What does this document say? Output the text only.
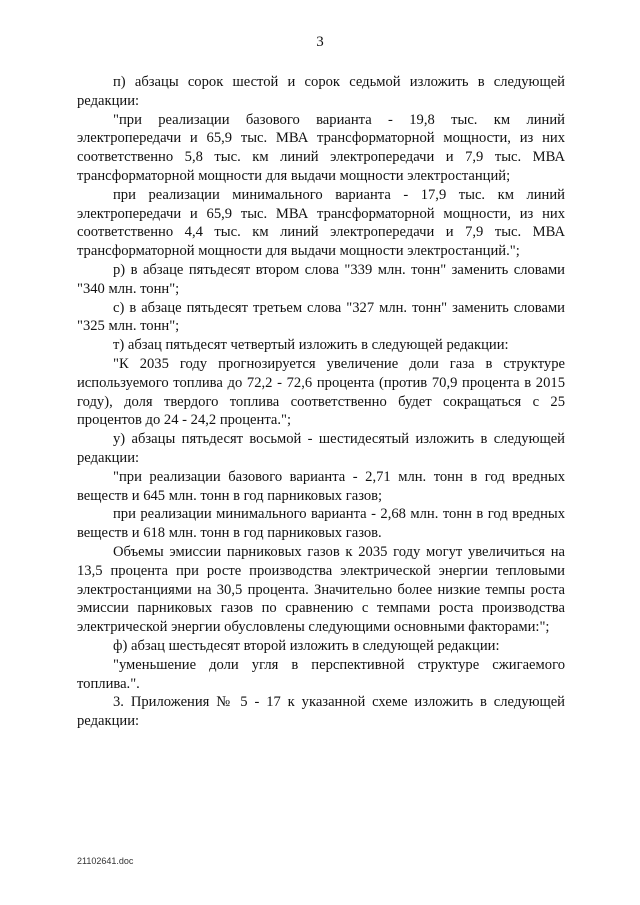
3

п) абзацы сорок шестой и сорок седьмой изложить в следующей редакции:

"при реализации базового варианта - 19,8 тыс. км линий электропередачи и 65,9 тыс. МВА трансформаторной мощности, из них соответственно 5,8 тыс. км линий электропередачи и 7,9 тыс. МВА трансформаторной мощности для выдачи мощности электростанций;

при реализации минимального варианта - 17,9 тыс. км линий электропередачи и 65,9 тыс. МВА трансформаторной мощности, из них соответственно 4,4 тыс. км линий электропередачи и 7,9 тыс. МВА трансформаторной мощности для выдачи мощности электростанций.";

р) в абзаце пятьдесят втором слова "339 млн. тонн" заменить словами "340 млн. тонн";

с) в абзаце пятьдесят третьем слова "327 млн. тонн" заменить словами "325 млн. тонн";

т) абзац пятьдесят четвертый изложить в следующей редакции:

"К 2035 году прогнозируется увеличение доли газа в структуре используемого топлива до 72,2 - 72,6 процента (против 70,9 процента в 2015 году), доля твердого топлива соответственно будет сокращаться с 25 процентов до 24 - 24,2 процента.";

у) абзацы пятьдесят восьмой - шестидесятый изложить в следующей редакции:

"при реализации базового варианта - 2,71 млн. тонн в год вредных веществ и 645 млн. тонн в год парниковых газов;

при реализации минимального варианта - 2,68 млн. тонн в год вредных веществ и 618 млн. тонн в год парниковых газов.

Объемы эмиссии парниковых газов к 2035 году могут увеличиться на 13,5 процента при росте производства электрической энергии тепловыми электростанциями на 30,5 процента. Значительно более низкие темпы роста эмиссии парниковых газов по сравнению с темпами роста производства электрической энергии обусловлены следующими основными факторами:";

ф) абзац шестьдесят второй изложить в следующей редакции:

"уменьшение доли угля в перспективной структуре сжигаемого топлива.".

3. Приложения № 5 - 17 к указанной схеме изложить в следующей редакции:

21102641.doc
